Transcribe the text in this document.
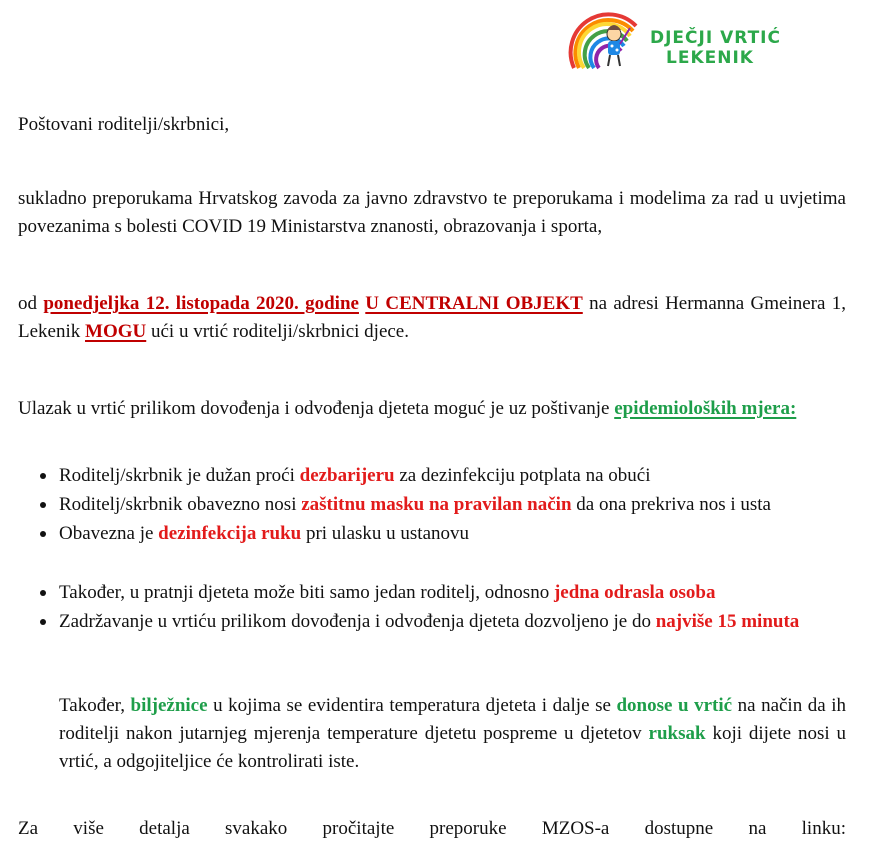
DJEČJI VRTIĆ
LEKENIK
Poštovani roditelji/skrbnici,
sukladno preporukama Hrvatskog zavoda za javno zdravstvo te preporukama i modelima za rad u uvjetima povezanima s bolesti COVID 19 Ministarstva znanosti, obrazovanja i sporta,
od ponedjeljka 12. listopada 2020. godine U CENTRALNI OBJEKT na adresi Hermanna Gmeinera 1, Lekenik MOGU ući u vrtić roditelji/skrbnici djece.
Ulazak u vrtić prilikom dovođenja i odvođenja djeteta moguć je uz poštivanje epidemioloških mjera:
Roditelj/skrbnik je dužan proći dezbarijeru za dezinfekciju potplata na obući
Roditelj/skrbnik obavezno nosi zaštitnu masku na pravilan način da ona prekriva nos i usta
Obavezna je dezinfekcija ruku pri ulasku u ustanovu
Također, u pratnji djeteta može biti samo jedan roditelj, odnosno jedna odrasla osoba
Zadržavanje u vrtiću prilikom dovođenja i odvođenja djeteta dozvoljeno je do najviše 15 minuta
Također, bilježnice u kojima se evidentira temperatura djeteta i dalje se donose u vrtić na način da ih roditelji nakon jutarnjeg mjerenja temperature djetetu pospreme u djetetov ruksak koji dijete nosi u vrtić, a odgojiteljice će kontrolirati iste.
Za više detalja svakako pročitajte preporuke MZOS-a dostupne na linku:
